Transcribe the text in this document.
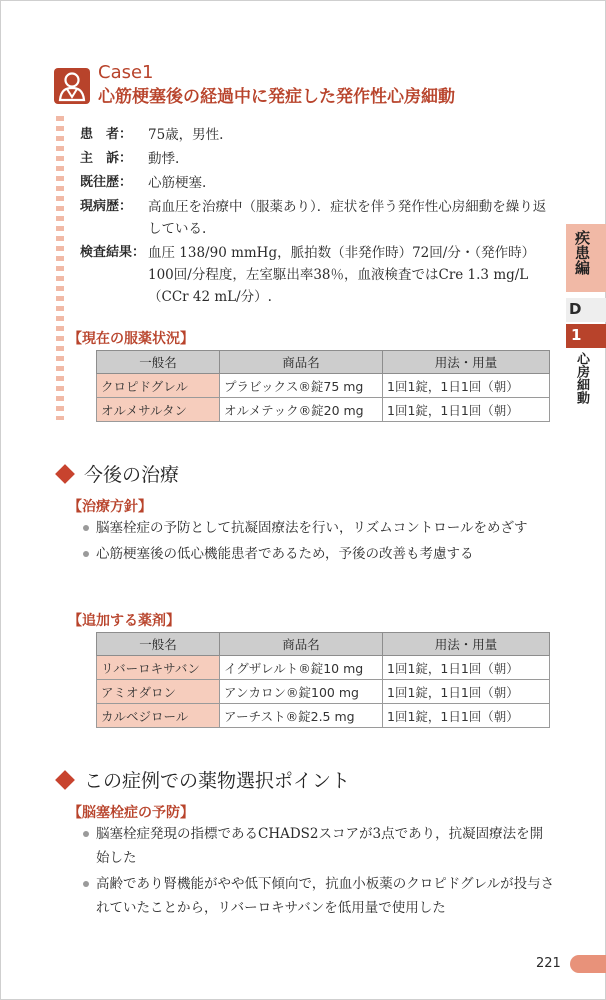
Case1
心筋梗塞後の経過中に発症した発作性心房細動
患　者：	75歳，男性.
主　訴：	動悸.
既往歴：	心筋梗塞.
現病歴：	高血圧を治療中（服薬あり）．症状を伴う発作性心房細動を繰り返している.
検査結果： 血圧 138/90 mmHg，脈拍数（非発作時）72回/分・（発作時）100回/分程度，左室駆出率38％，血液検査ではCre 1.3 mg/L（CCr 42 mL/分）.
【現在の服薬状況】
一般名	商品名	用法・用量
クロピドグレル	プラビックス®錠75 mg	1回1錠，1日1回（朝）
オルメサルタン	オルメテック®錠20 mg	1回1錠，1日1回（朝）
今後の治療
【治療方針】
脳塞栓症の予防として抗凝固療法を行い，リズムコントロールをめざす
心筋梗塞後の低心機能患者であるため，予後の改善も考慮する
【追加する薬剤】
一般名	商品名	用法・用量
リバーロキサバン	イグザレルト®錠10 mg	1回1錠，1日1回（朝）
アミオダロン	アンカロン®錠100 mg	1回1錠，1日1回（朝）
カルベジロール	アーチスト®錠2.5 mg	1回1錠，1日1回（朝）
この症例での薬物選択ポイント
【脳塞栓症の予防】
脳塞栓症発現の指標であるCHADS2スコアが3点であり，抗凝固療法を開始した
高齢であり腎機能がやや低下傾向で，抗血小板薬のクロピドグレルが投与されていたことから，リバーロキサバンを低用量で使用した
疾患編
D
1
心房細動
221
